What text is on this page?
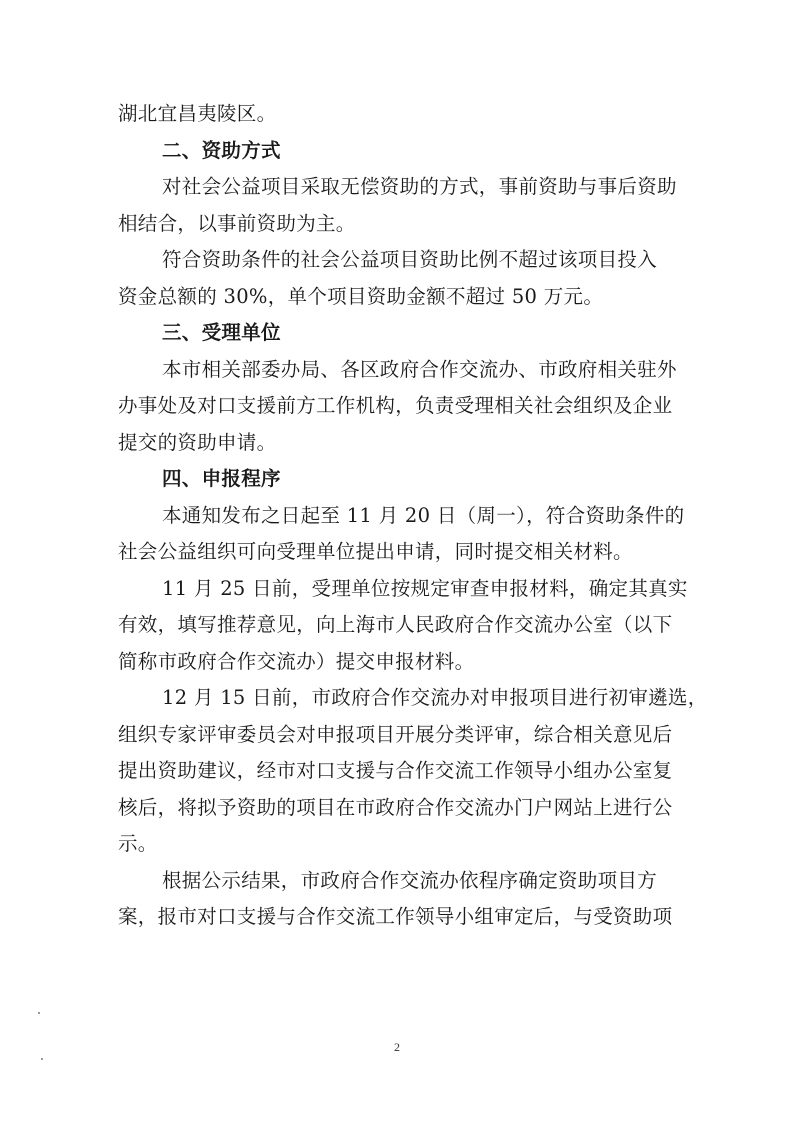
湖北宜昌夷陵区。
二、资助方式
对社会公益项目采取无偿资助的方式，事前资助与事后资助
相结合，以事前资助为主。
符合资助条件的社会公益项目资助比例不超过该项目投入
资金总额的 30%，单个项目资助金额不超过 50 万元。
三、受理单位
本市相关部委办局、各区政府合作交流办、市政府相关驻外
办事处及对口支援前方工作机构，负责受理相关社会组织及企业
提交的资助申请。
四、申报程序
本通知发布之日起至 11 月 20 日（周一），符合资助条件的
社会公益组织可向受理单位提出申请，同时提交相关材料。
11 月 25 日前，受理单位按规定审查申报材料，确定其真实
有效，填写推荐意见，向上海市人民政府合作交流办公室（以下
简称市政府合作交流办）提交申报材料。
12 月 15 日前，市政府合作交流办对申报项目进行初审遴选，
组织专家评审委员会对申报项目开展分类评审，综合相关意见后
提出资助建议，经市对口支援与合作交流工作领导小组办公室复
核后，将拟予资助的项目在市政府合作交流办门户网站上进行公
示。
根据公示结果，市政府合作交流办依程序确定资助项目方
案，报市对口支援与合作交流工作领导小组审定后，与受资助项
2
